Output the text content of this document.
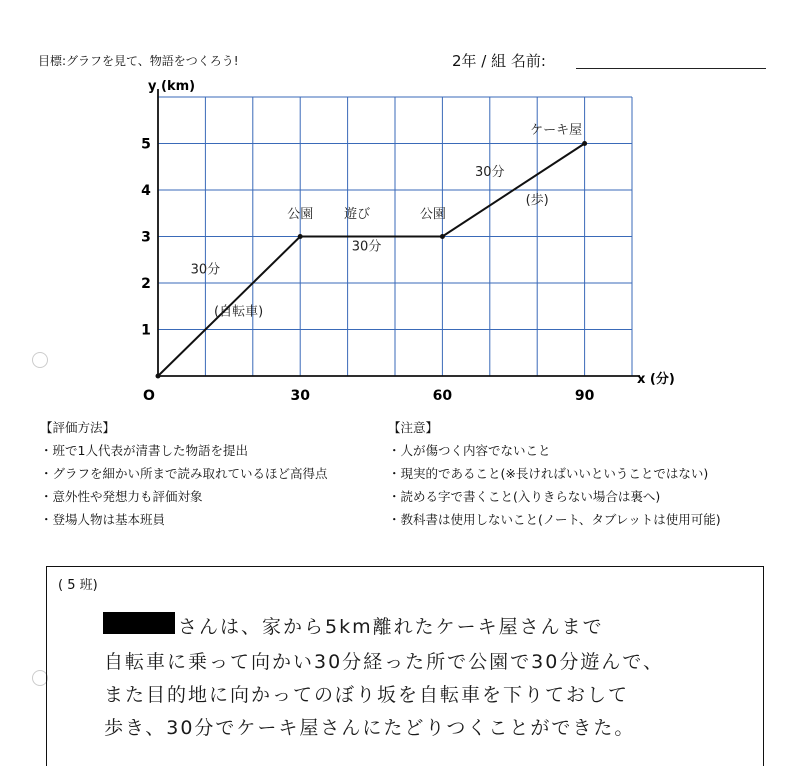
目標:グラフを見て、物語をつくろう!	2年 / 組 名前:
y (km)
x (分)
O	30	60	90
1
2
3
4
5
30分
(自転車)
公園 遊び
30分
公園
30分
(歩)
ケーキ屋
【評価方法】
・班で1人代表が清書した物語を提出
・グラフを細かい所まで読み取れているほど高得点
・意外性や発想力も評価対象
・登場人物は基本班員
【注意】
・人が傷つく内容でないこと
・現実的であること(※長ければいいということではない)
・読める字で書くこと(入りきらない場合は裏へ)
・教科書は使用しないこと(ノート、タブレットは使用可能)
( 5 班)
さんは、家から5km離れたケーキ屋さんまで
自転車に乗って向かい30分経った所で公園で30分遊んで、
また目的地に向かってのぼり坂を自転車を下りておして
歩き、30分でケーキ屋さんにたどりつくことができた。
